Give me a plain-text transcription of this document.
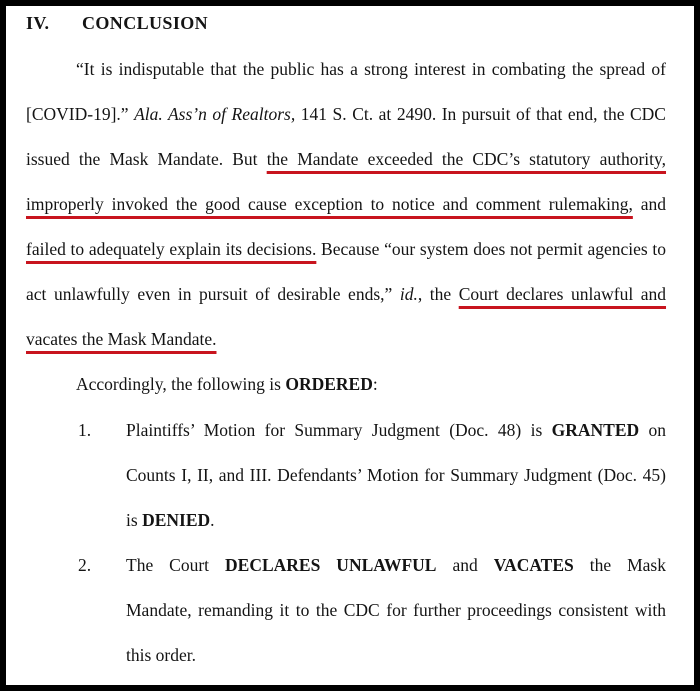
IV. CONCLUSION
“It is indisputable that the public has a strong interest in combating the spread of
[COVID-19].” Ala. Ass’n of Realtors, 141 S. Ct. at 2490. In pursuit of that end, the CDC
issued the Mask Mandate. But the Mandate exceeded the CDC’s statutory authority,
improperly invoked the good cause exception to notice and comment rulemaking, and
failed to adequately explain its decisions. Because “our system does not permit agencies to
act unlawfully even in pursuit of desirable ends,” id., the Court declares unlawful and
vacates the Mask Mandate.
Accordingly, the following is ORDERED:
1. Plaintiffs’ Motion for Summary Judgment (Doc. 48) is GRANTED on
Counts I, II, and III. Defendants’ Motion for Summary Judgment (Doc. 45)
is DENIED.
2. The Court DECLARES UNLAWFUL and VACATES the Mask
Mandate, remanding it to the CDC for further proceedings consistent with
this order.
